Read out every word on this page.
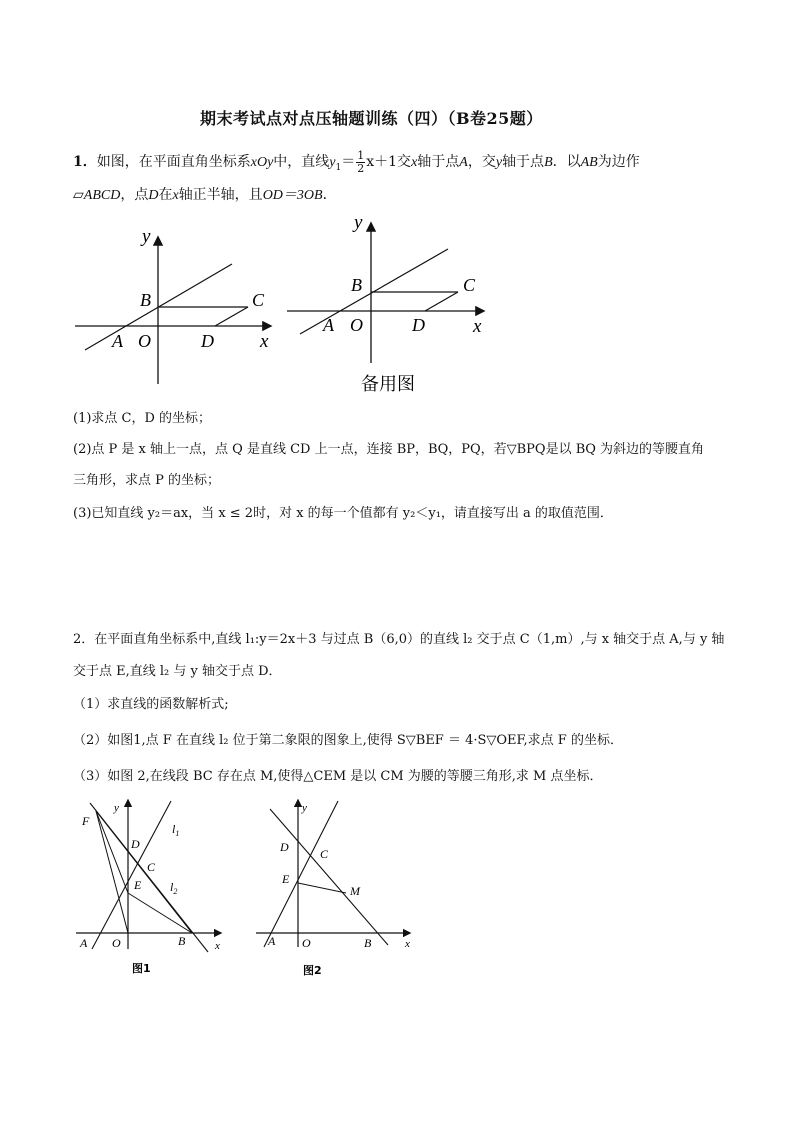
期末考试点对点压轴题训练（四）（B卷25题）
1．如图，在平面直角坐标系xOy中，直线$y_1= \frac{1}{2} x+1$交x轴于点A，交y轴于点B．以AB为边作
▱ABCD，点D在x轴正半轴，且OD＝3OB．
y
x
B	C
A O	D
y
x
B	C
A O	D
备用图
(1)求点 C，D 的坐标；
(2)点 P 是 x 轴上一点，点 Q 是直线 CD 上一点，连接 BP，BQ，PQ，若▽BPQ是以 BQ 为斜边的等腰直角
三角形，求点 P 的坐标；
(3)已知直线 y₂＝ax，当 x ≤ 2时，对 x 的每一个值都有 y₂＜y₁，请直接写出 a 的取值范围．
2．在平面直角坐标系中,直线 l₁:y＝2x＋3 与过点 B（6,0）的直线 l₂ 交于点 C（1,m）,与 x 轴交于点 A,与 y 轴
交于点 E,直线 l₂ 与 y 轴交于点 D．
（1）求直线的函数解析式;
（2）如图1,点 F 在直线 l₂ 位于第二象限的图象上,使得 S▽BEF ＝ 4·S▽OEF,求点 F 的坐标．
（3）如图 2,在线段 BC 存在点 M,使得△CEM 是以 CM 为腰的等腰三角形,求 M 点坐标．
y
F
D
$l_1$
C
E $l_2$
A O	B	x
图1
y
D	C
E
M
A O	B	x
图2
